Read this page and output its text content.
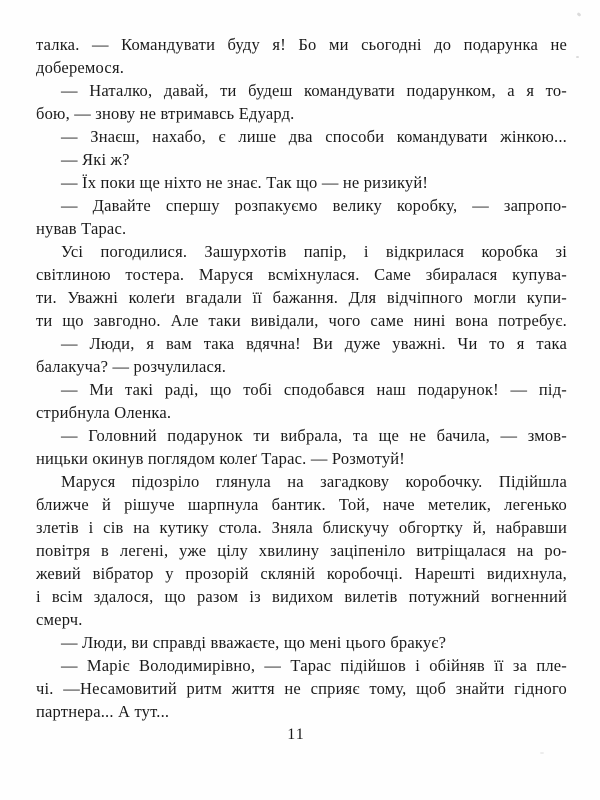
талка. — Командувати буду я! Бо ми сьогодні до подарунка не
доберемося.
— Наталко, давай, ти будеш командувати подарунком, а я то-
бою, — знову не втримавсь Едуард.
— Знаєш, нахабо, є лише два способи командувати жінкою...
— Які ж?
— Їх поки ще ніхто не знає. Так що — не ризикуй!
— Давайте спершу розпакуємо велику коробку, — запропо-
нував Тарас.
Усі погодилися. Зашурхотів папір, і відкрилася коробка зі
світлиною тостера. Маруся всміхнулася. Саме збиралася купува-
ти. Уважні колеґи вгадали її бажання. Для відчіпного могли купи-
ти що завгодно. Але таки вивідали, чого саме нині вона потребує.
— Люди, я вам така вдячна! Ви дуже уважні. Чи то я така
балакуча? — розчулилася.
— Ми такі раді, що тобі сподобався наш подарунок! — під-
стрибнула Оленка.
— Головний подарунок ти вибрала, та ще не бачила, — змов-
ницьки окинув поглядом колеґ Тарас. — Розмотуй!
Маруся підозріло глянула на загадкову коробочку. Підійшла
ближче й рішуче шарпнула бантик. Той, наче метелик, легенько
злетів і сів на кутику стола. Зняла блискучу обгортку й, набравши
повітря в легені, уже цілу хвилину заціпеніло витріщалася на ро-
жевий вібратор у прозорій скляній коробочці. Нарешті видихнула,
і всім здалося, що разом із видихом вилетів потужний вогненний
смерч.
— Люди, ви справді вважаєте, що мені цього бракує?
— Маріє Володимирівно, — Тарас підійшов і обійняв її за пле-
чі. —Несамовитий ритм життя не сприяє тому, щоб знайти гідного
партнера... А тут...
11
